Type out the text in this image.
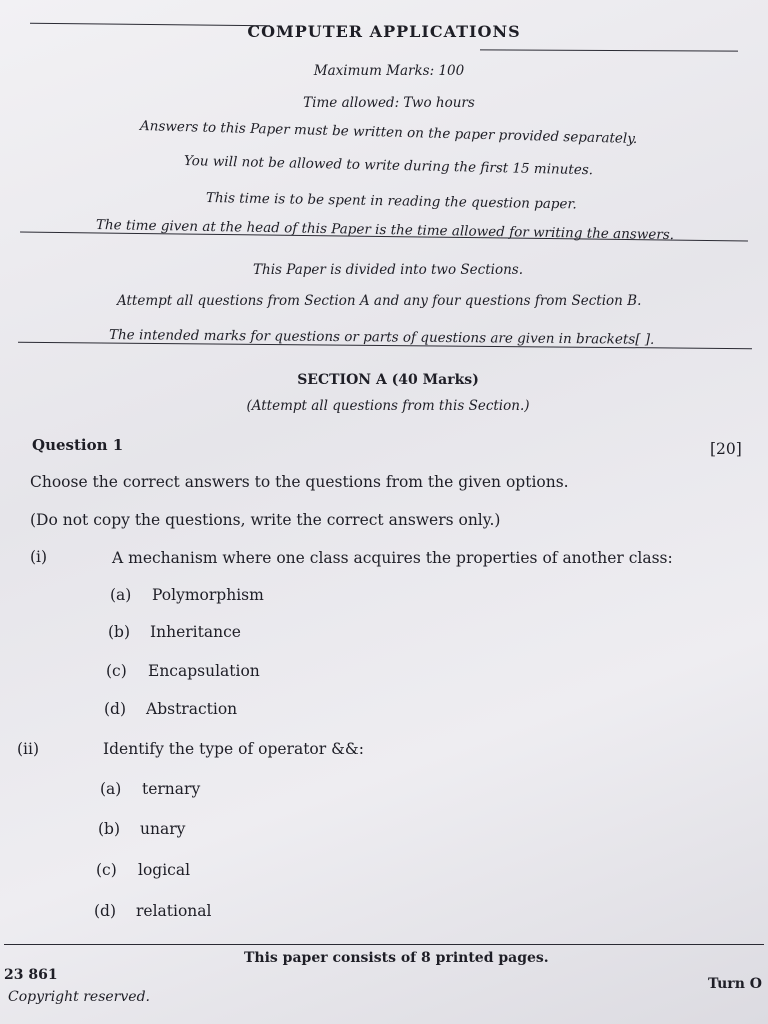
COMPUTER APPLICATIONS
Maximum Marks: 100
Time allowed: Two hours
Answers to this Paper must be written on the paper provided separately.
You will not be allowed to write during the first 15 minutes.
This time is to be spent in reading the question paper.
The time given at the head of this Paper is the time allowed for writing the answers.
This Paper is divided into two Sections.
Attempt all questions from Section A and any four questions from Section B.
The intended marks for questions or parts of questions are given in brackets[ ].
SECTION A (40 Marks)
(Attempt all questions from this Section.)
Question 1	[20]
Choose the correct answers to the questions from the given options.
(Do not copy the questions, write the correct answers only.)
(i)	A mechanism where one class acquires the properties of another class:
(a) Polymorphism
(b) Inheritance
(c) Encapsulation
(d) Abstraction
(ii)	Identify the type of operator &&:
(a) ternary
(b) unary
(c) logical
(d) relational
This paper consists of 8 printed pages.
23 861
Copyright reserved.
Turn O
